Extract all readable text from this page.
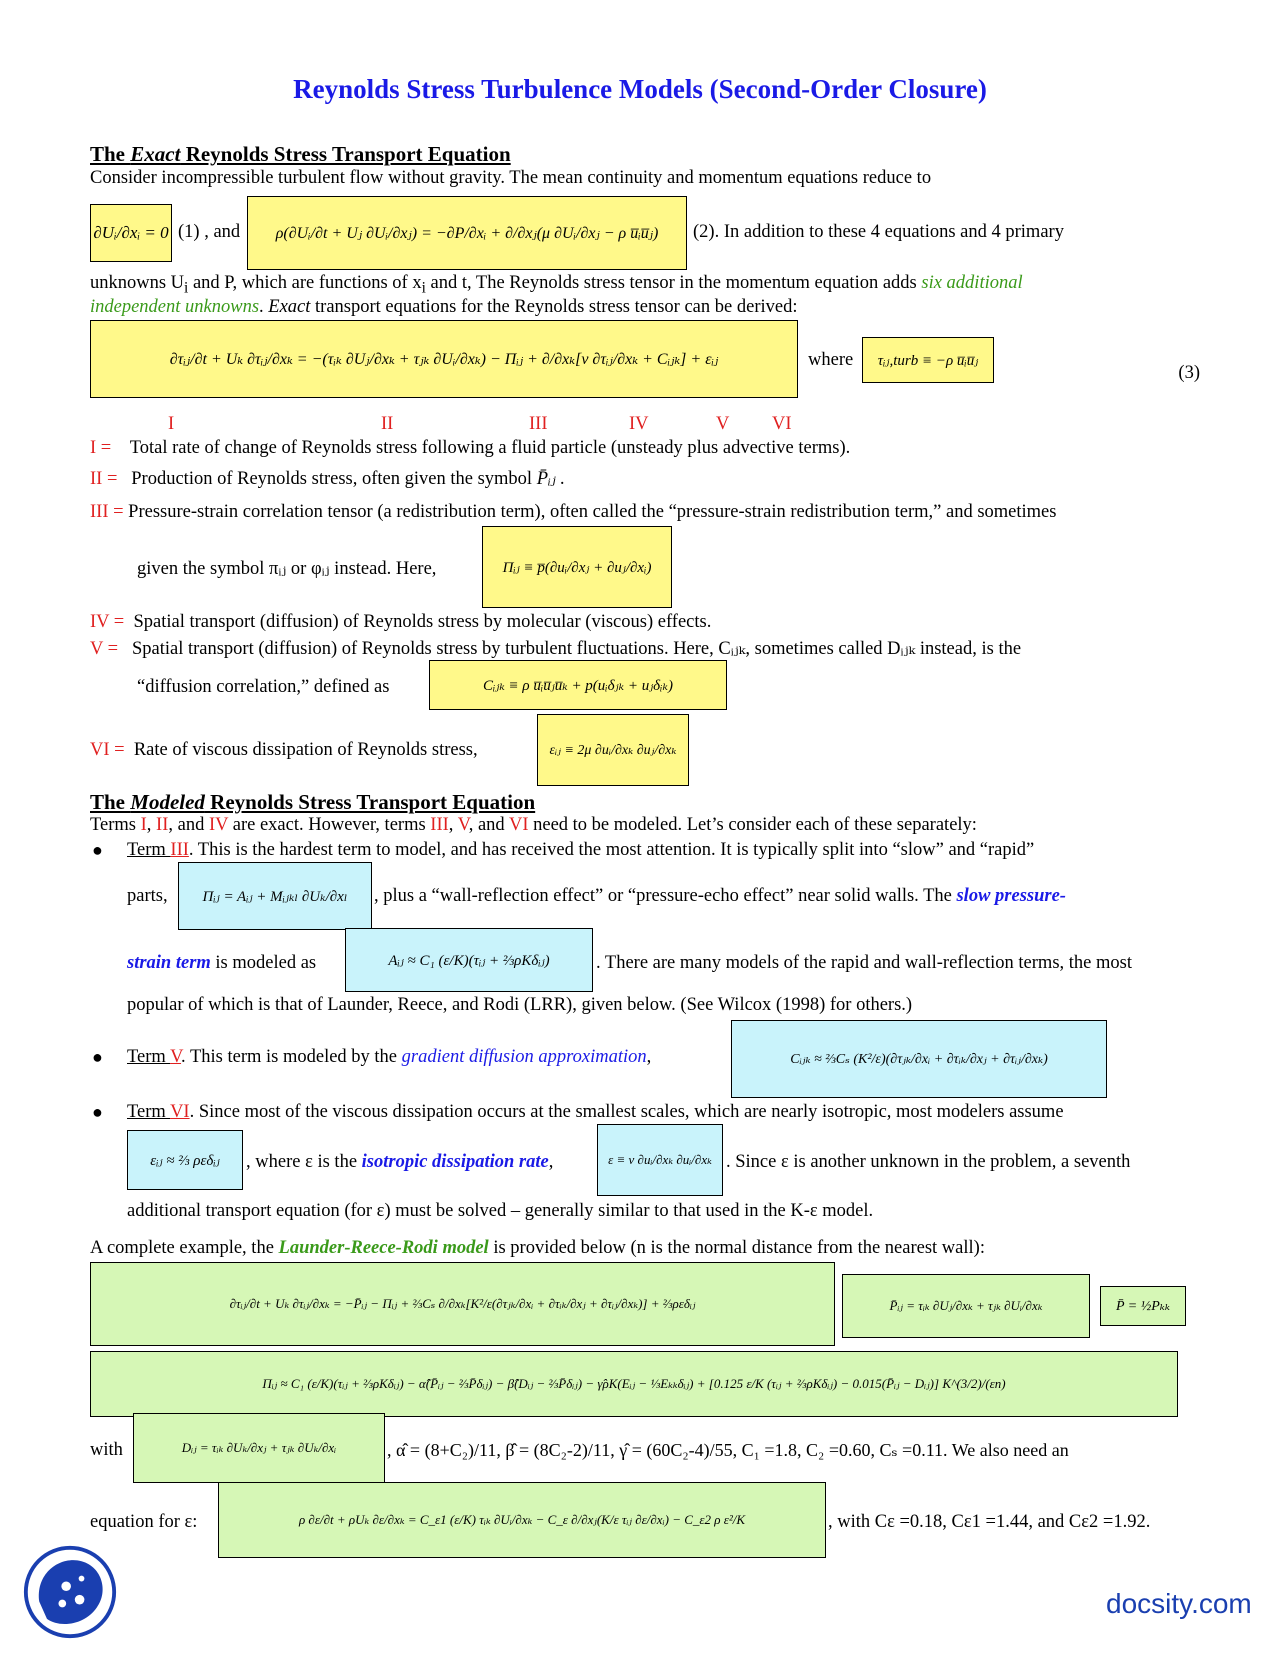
Reynolds Stress Turbulence Models (Second-Order Closure)
The Exact Reynolds Stress Transport Equation
Consider incompressible turbulent flow without gravity. The mean continuity and momentum equations reduce to
∂Uᵢ/∂xᵢ = 0 (1) , and	ρ(∂Uᵢ/∂t + Uⱼ ∂Uᵢ/∂xⱼ) = −∂P/∂xᵢ + ∂/∂xⱼ(μ ∂Uᵢ/∂xⱼ − ρ u̅ᵢu̅ⱼ)	(2). In addition to these 4 equations and 4 primary
unknowns $U_i$ and P, which are functions of $x_i$ and t, The Reynolds stress tensor in the momentum equation adds six additional
independent unknowns. Exact transport equations for the Reynolds stress tensor can be derived:
∂τᵢⱼ/∂t + Uₖ ∂τᵢⱼ/∂xₖ = −(τᵢₖ ∂Uⱼ/∂xₖ + τⱼₖ ∂Uᵢ/∂xₖ) − Πᵢⱼ + ∂/∂xₖ[ν ∂τᵢⱼ/∂xₖ + Cᵢⱼₖ] + εᵢⱼ	where	τᵢⱼ,turb ≡ −ρ u̅ᵢu̅ⱼ
(3)
I	II	III	IV	V VI
I = Total rate of change of Reynolds stress following a fluid particle (unsteady plus advective terms).
II = Production of Reynolds stress, often given the symbol P̄ᵢⱼ .
III = Pressure-strain correlation tensor (a redistribution term), often called the “pressure-strain redistribution term,” and sometimes
given the symbol πᵢⱼ or φᵢⱼ instead. Here,	Πᵢⱼ ≡ p̅(∂uᵢ/∂xⱼ + ∂uⱼ/∂xᵢ)
IV = Spatial transport (diffusion) of Reynolds stress by molecular (viscous) effects.
V = Spatial transport (diffusion) of Reynolds stress by turbulent fluctuations. Here, Cᵢⱼₖ, sometimes called Dᵢⱼₖ instead, is the
“diffusion correlation,” defined as	Cᵢⱼₖ ≡ ρ u̅ᵢu̅ⱼu̅ₖ + p(uᵢδⱼₖ + uⱼδᵢₖ)
VI = Rate of viscous dissipation of Reynolds stress,	εᵢⱼ ≡ 2μ ∂uᵢ/∂xₖ ∂uⱼ/∂xₖ
The Modeled Reynolds Stress Transport Equation
Terms I, II, and IV are exact. However, terms III, V, and VI need to be modeled. Let’s consider each of these separately:
● Term III. This is the hardest term to model, and has received the most attention. It is typically split into “slow” and “rapid”
parts,	Πᵢⱼ = Aᵢⱼ + Mᵢⱼₖₗ ∂Uₖ/∂xₗ	, plus a “wall-reflection effect” or “pressure-echo effect” near solid walls. The slow pressure-
strain term is modeled as	Aᵢⱼ ≈ C₁ (ε/K)(τᵢⱼ + ⅔ρKδᵢⱼ)	. There are many models of the rapid and wall-reflection terms, the most
popular of which is that of Launder, Reece, and Rodi (LRR), given below. (See Wilcox (1998) for others.)
● Term V. This term is modeled by the gradient diffusion approximation,	Cᵢⱼₖ ≈ ⅔Cₛ (K²/ε)(∂τⱼₖ/∂xᵢ + ∂τᵢₖ/∂xⱼ + ∂τᵢⱼ/∂xₖ)
● Term VI. Since most of the viscous dissipation occurs at the smallest scales, which are nearly isotropic, most modelers assume
εᵢⱼ ≈ ⅔ ρεδᵢⱼ	, where ε is the isotropic dissipation rate,	ε ≡ ν ∂uᵢ/∂xₖ ∂uᵢ/∂xₖ . Since ε is another unknown in the problem, a seventh
additional transport equation (for ε) must be solved – generally similar to that used in the K-ε model.
A complete example, the Launder-Reece-Rodi model is provided below (n is the normal distance from the nearest wall):
∂τᵢⱼ/∂t + Uₖ ∂τᵢⱼ/∂xₖ = −P̄ᵢⱼ − Πᵢⱼ + ⅔Cₛ ∂/∂xₖ[K²/ε(∂τⱼₖ/∂xᵢ + ∂τᵢₖ/∂xⱼ + ∂τᵢⱼ/∂xₖ)] + ⅔ρεδᵢⱼ	P̄ᵢⱼ = τᵢₖ ∂Uⱼ/∂xₖ + τⱼₖ ∂Uᵢ/∂xₖ	P̄ = ½Pₖₖ
Πᵢⱼ ≈ C₁ (ε/K)(τᵢⱼ + ⅔ρKδᵢⱼ) − α̂(P̄ᵢⱼ − ⅔P̄δᵢⱼ) − β̂(Dᵢⱼ − ⅔P̄δᵢⱼ) − γ̂ρK(Eᵢⱼ − ⅓Eₖₖδᵢⱼ) + [0.125 ε/K (τᵢⱼ + ⅔ρKδᵢⱼ) − 0.015(P̄ᵢⱼ − Dᵢⱼ)] K^(3/2)/(εn)
with	Dᵢⱼ = τᵢₖ ∂Uₖ/∂xⱼ + τⱼₖ ∂Uₖ/∂xᵢ	, α̂ = (8+C₂)/11, β̂ = (8C₂-2)/11, γ̂ = (60C₂-4)/55, C₁ =1.8, C₂ =0.60, Cₛ =0.11. We also need an
equation for ε:	ρ ∂ε/∂t + ρUₖ ∂ε/∂xₖ = C_ε1 (ε/K) τᵢₖ ∂Uᵢ/∂xₖ − C_ε ∂/∂xⱼ(K/ε τᵢⱼ ∂ε/∂xᵢ) − C_ε2 ρ ε²/K	, with Cε =0.18, Cε1 =1.44, and Cε2 =1.92.
docsity.com
